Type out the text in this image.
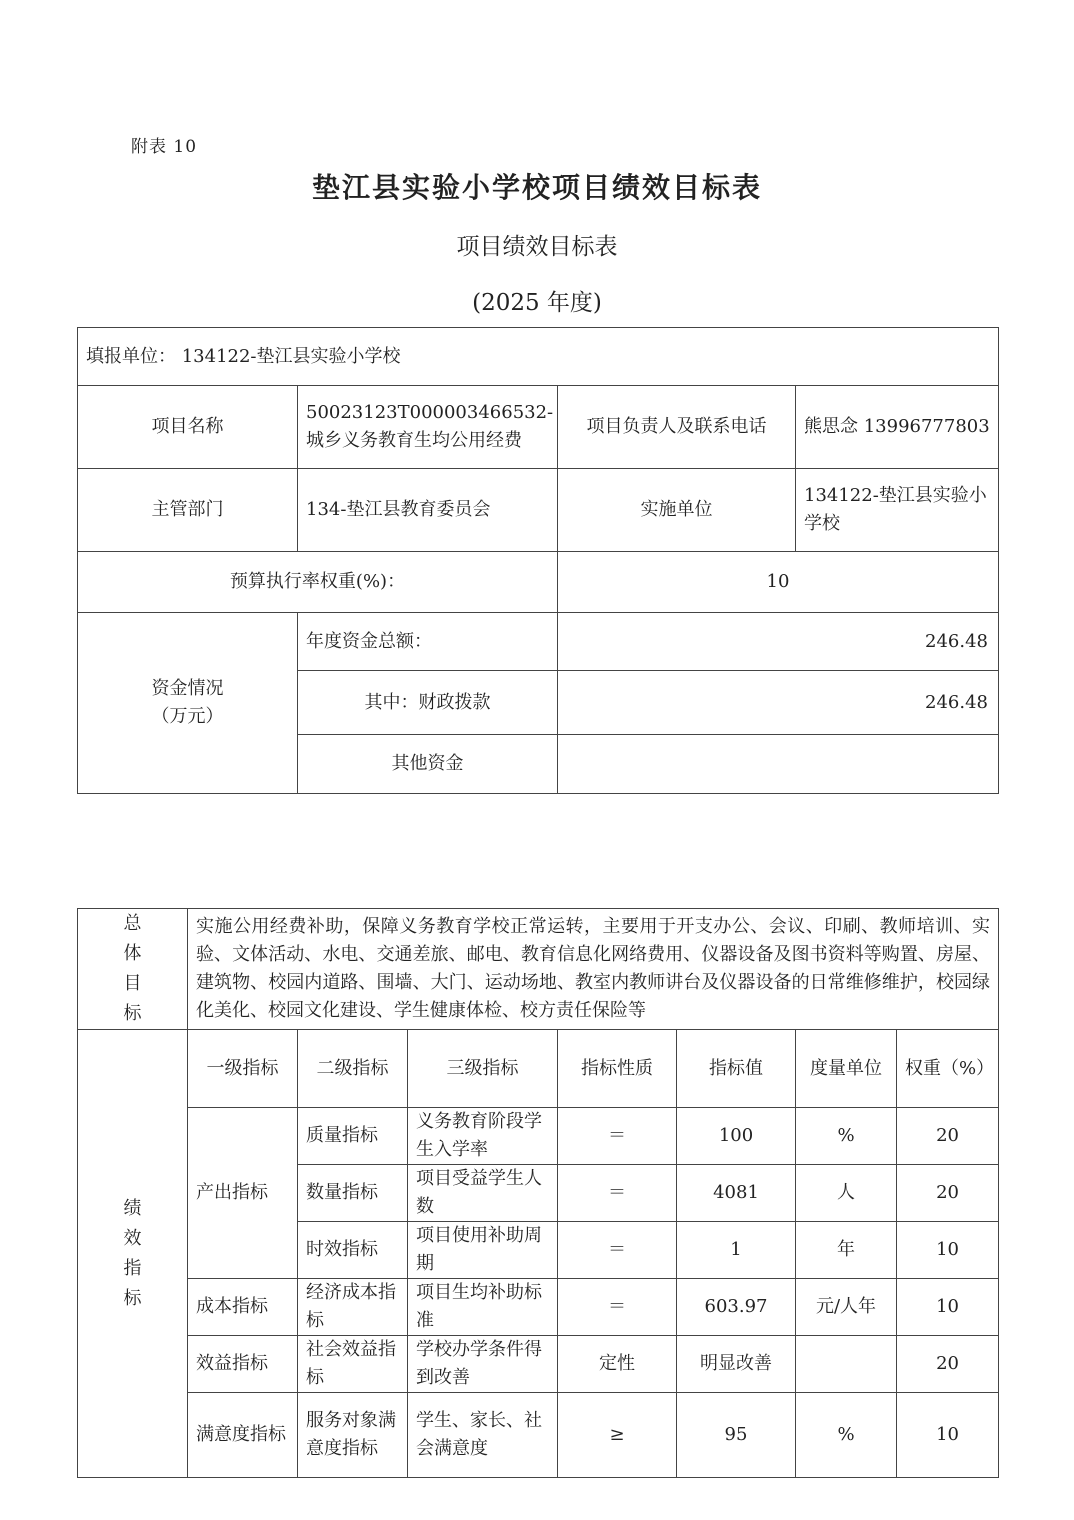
附表 10
垫江县实验小学校项目绩效目标表
项目绩效目标表
(2025 年度)
填报单位： 134122-垫江县实验小学校			
项目名称	50023123T000003466532-城乡义务教育生均公用经费	项目负责人及联系电话	熊思念 13996777803
主管部门	134-垫江县教育委员会	实施单位	134122-垫江县实验小学校
预算执行率权重(%)：		10	

资金情况
（万元）	年度资金总额：	246.48	
	其中：财政拨款	246.48	
	其他资金		
总
体
目
标	实施公用经费补助，保障义务教育学校正常运转，主要用于开支办公、会议、印刷、教师培训、实验、文体活动、水电、交通差旅、邮电、教育信息化网络费用、仪器设备及图书资料等购置、房屋、建筑物、校园内道路、围墙、大门、运动场地、教室内教师讲台及仪器设备的日常维修维护，校园绿化美化、校园文化建设、学生健康体检、校方责任保险等						

绩
效
指
标	一级指标	二级指标	三级指标	指标性质	指标值	度量单位	权重（%）
	产出指标	质量指标	义务教育阶段学生入学率	＝	100	%	20
		数量指标	项目受益学生人数	＝	4081	人	20
		时效指标	项目使用补助周期	＝	1	年	10
	成本指标	经济成本指标	项目生均补助标准	＝	603.97	元/人年	10
	效益指标	社会效益指标	学校办学条件得到改善	定性	明显改善		20
	满意度指标	服务对象满意度指标	学生、家长、社会满意度	≥	95	%	10
